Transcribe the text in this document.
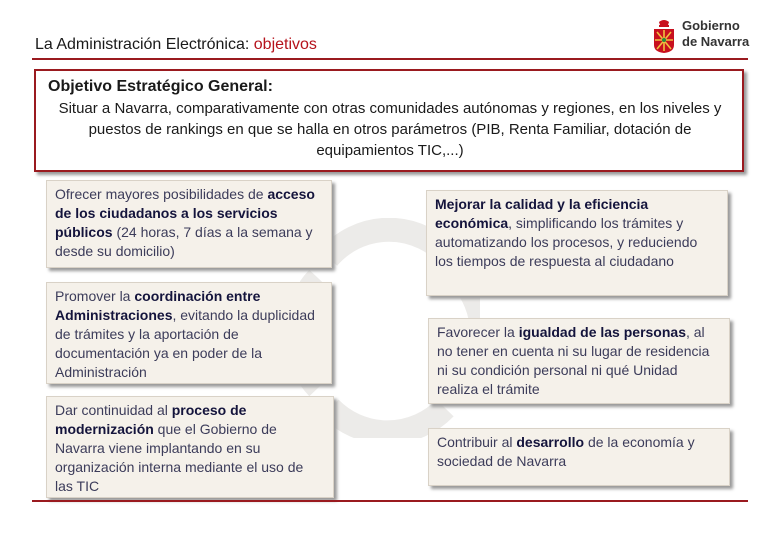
La Administración Electrónica: objetivos
Gobierno
de Navarra
Objetivo Estratégico General:
Situar a Navarra, comparativamente con otras comunidades autónomas y regiones, en los niveles y puestos de rankings en que se halla en otros parámetros (PIB, Renta Familiar, dotación de equipamientos TIC,...)
Ofrecer mayores posibilidades de acceso de los ciudadanos a los servicios públicos (24 horas, 7 días a la semana y desde su domicilio)
Promover la coordinación entre Administraciones, evitando la duplicidad de trámites y la aportación de documentación ya en poder de la Administración
Dar continuidad al proceso de modernización que el Gobierno de Navarra viene implantando en su organización interna mediante el uso de las TIC
Mejorar la calidad y la eficiencia económica, simplificando los trámites y automatizando los procesos, y reduciendo los tiempos de respuesta al ciudadano
Favorecer la igualdad de las personas, al no tener en cuenta ni su lugar de residencia ni su condición personal ni qué Unidad realiza el trámite
Contribuir al desarrollo de la economía y sociedad de Navarra
